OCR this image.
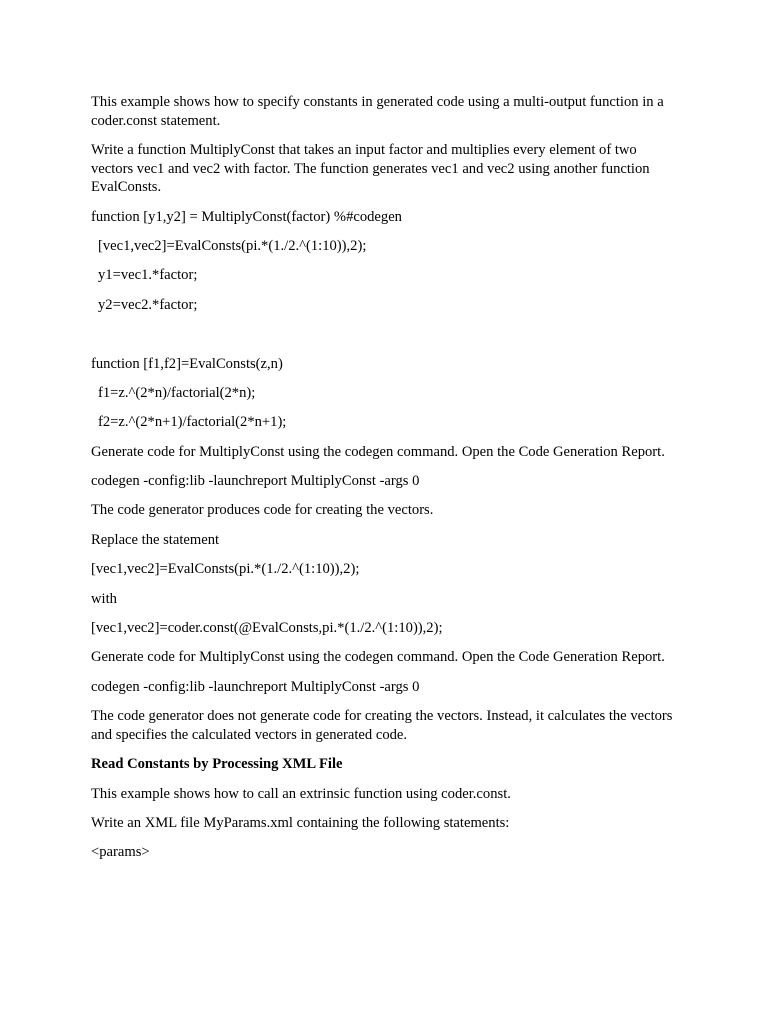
This example shows how to specify constants in generated code using a multi-output function in a coder.const statement.

Write a function MultiplyConst that takes an input factor and multiplies every element of two vectors vec1 and vec2 with factor. The function generates vec1 and vec2 using another function EvalConsts.

function [y1,y2] = MultiplyConst(factor) %#codegen

[vec1,vec2]=EvalConsts(pi.*(1./2.^(1:10)),2);

y1=vec1.*factor;

y2=vec2.*factor;

function [f1,f2]=EvalConsts(z,n)

f1=z.^(2*n)/factorial(2*n);

f2=z.^(2*n+1)/factorial(2*n+1);

Generate code for MultiplyConst using the codegen command. Open the Code Generation Report.

codegen -config:lib -launchreport MultiplyConst -args 0

The code generator produces code for creating the vectors.

Replace the statement

[vec1,vec2]=EvalConsts(pi.*(1./2.^(1:10)),2);

with

[vec1,vec2]=coder.const(@EvalConsts,pi.*(1./2.^(1:10)),2);

Generate code for MultiplyConst using the codegen command. Open the Code Generation Report.

codegen -config:lib -launchreport MultiplyConst -args 0

The code generator does not generate code for creating the vectors. Instead, it calculates the vectors and specifies the calculated vectors in generated code.

Read Constants by Processing XML File

This example shows how to call an extrinsic function using coder.const.

Write an XML file MyParams.xml containing the following statements:

<params>
